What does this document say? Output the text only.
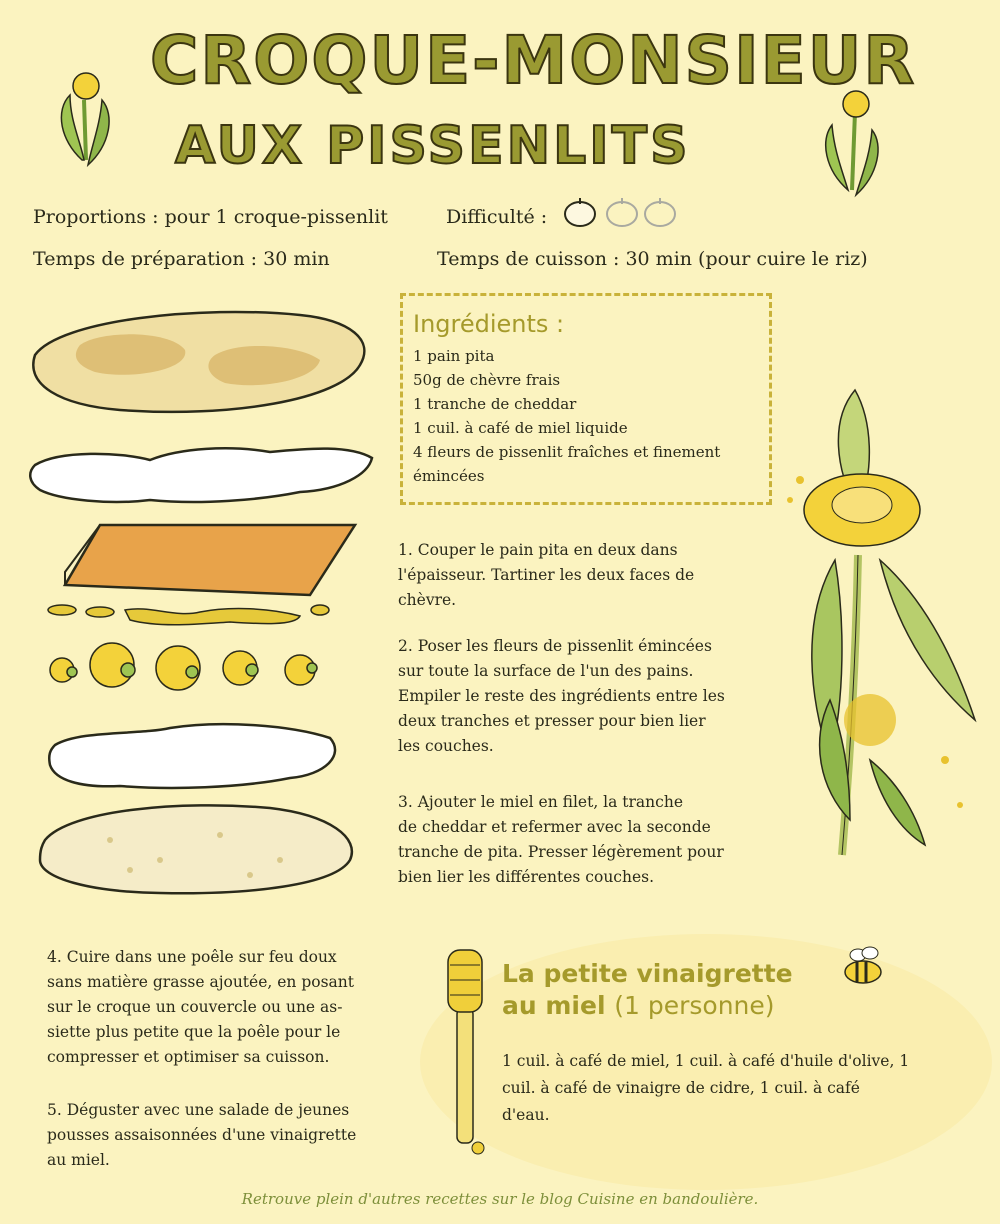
CROQUE-MONSIEUR
AUX PISSENLITS
Proportions : pour 1 croque-pissenlit	Difficulté :
Temps de préparation : 30 min	Temps de cuisson : 30 min (pour cuire le riz)
Ingrédients :
1 pain pita
50g de chèvre frais
1 tranche de cheddar
1 cuil. à café de miel liquide
4 fleurs de pissenlit fraîches et finement
émincées
1. Couper le pain pita en deux dans
l'épaisseur. Tartiner les deux faces de
chèvre.
2. Poser les fleurs de pissenlit émincées
sur toute la surface de l'un des pains.
Empiler le reste des ingrédients entre les
deux tranches et presser pour bien lier
les couches.
3. Ajouter le miel en filet, la tranche
de cheddar et refermer avec la seconde
tranche de pita. Presser légèrement pour
bien lier les différentes couches.
4. Cuire dans une poêle sur feu doux
sans matière grasse ajoutée, en posant
sur le croque un couvercle ou une as-
siette plus petite que la poêle pour le
compresser et optimiser sa cuisson.
5. Déguster avec une salade de jeunes
pousses assaisonnées d'une vinaigrette
au miel.
La petite vinaigrette
au miel (1 personne)
1 cuil. à café de miel, 1 cuil. à café d'huile d'olive, 1 cuil. à café de vinaigre de cidre, 1 cuil. à café d'eau.
Retrouve plein d'autres recettes sur le blog Cuisine en bandoulière.
